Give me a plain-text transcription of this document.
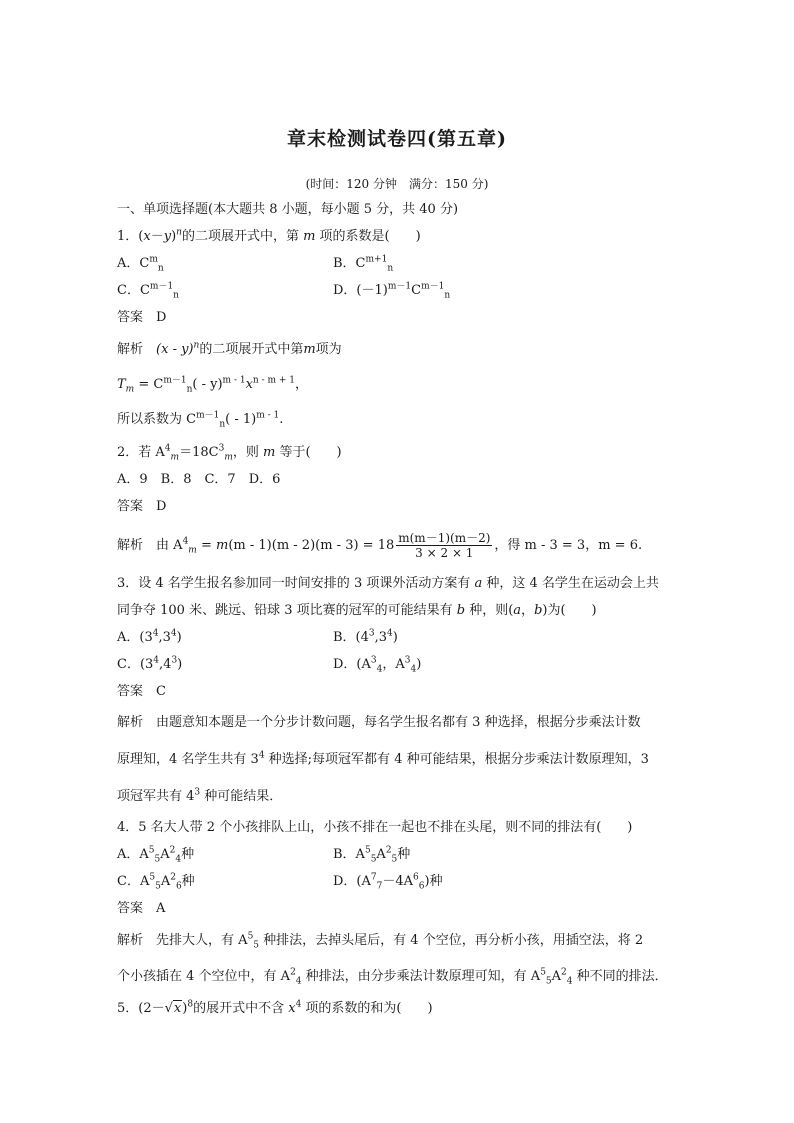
章末检测试卷四(第五章)
(时间：120 分钟　满分：150 分)
一、单项选择题(本大题共 8 小题，每小题 5 分，共 40 分)
1．$(x-y)^n$的二项展开式中，第 m 项的系数是(　　)
A．$C^m_n$	B．$C^{m+1}_n$
C．$C^{m-1}_n$	D．$(-1)^{m-1}C^{m-1}_n$
答案　 D
解析　 (x - y)$^n$的二项展开式中第m项为
$T_m = C^{m-1}_n( - y)^{m - 1}x^{n - m + 1}$，
所以系数为 $C^{m-1}_n( - 1)^{m - 1}$.
2．若 $A^4_m=18C^3_m$，则 m 等于(　　)
A．9　B．8　C．7　D．6
答案　 D
解析　 由 $A^4_m = m(m - 1)(m - 2)(m - 3) = 18 \frac{m(m-1)(m-2)}{3 \times 2 \times 1}$ ，得 m - 3 = 3，m = 6.
3．设 4 名学生报名参加同一时间安排的 3 项课外活动方案有 a 种，这 4 名学生在运动会上共
同争夺 100 米、跳远、铅球 3 项比赛的冠军的可能结果有 b 种，则(a，b)为(　　)
A．$(3^4,3^4)$	B．$(4^3,3^4)$
C．$(3^4,4^3)$	D．($A^3_4$，$A^3_4$)
答案　 C
解析　 由题意知本题是一个分步计数问题，每名学生报名都有 3 种选择，根据分步乘法计数
原理知，4 名学生共有 $3^4$ 种选择;每项冠军都有 4 种可能结果，根据分步乘法计数原理知，3
项冠军共有 $4^3$ 种可能结果．
4．5 名大人带 2 个小孩排队上山，小孩不排在一起也不排在头尾，则不同的排法有(　　)
A．$A^5_5A^2_4$种	B．$A^5_5A^2_5$种
C．$A^5_5A^2_6$种	D．$(A^7_7-4A^6_6)$种
答案　 A
解析　 先排大人，有 $A^5_5$ 种排法，去掉头尾后，有 4 个空位，再分析小孩，用插空法，将 2
个小孩插在 4 个空位中，有 $A^2_4$ 种排法，由分步乘法计数原理可知，有 $A^5_5A^2_4$ 种不同的排法．
5．$(2-√x)^8$的展开式中不含 $x^4$ 项的系数的和为(　　)
